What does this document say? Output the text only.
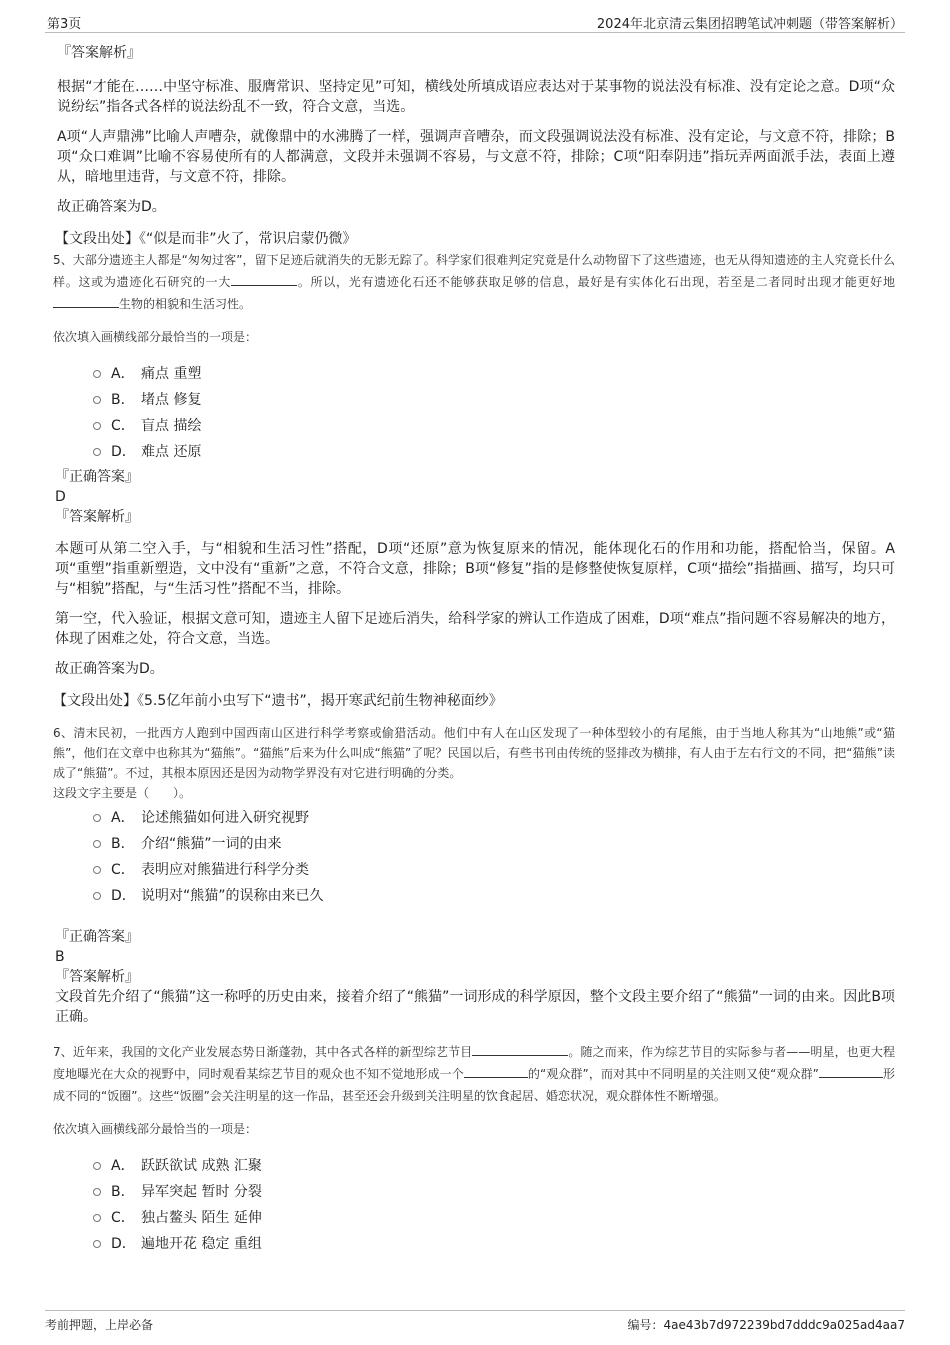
第3页	2024年北京清云集团招聘笔试冲刺题（带答案解析）
『答案解析』
根据“才能在……中坚守标准、服膺常识、坚持定见”可知，横线处所填成语应表达对于某事物的说法没有标准、没有定论之意。D项“众说纷纭”指各式各样的说法纷乱不一致，符合文意，当选。
A项“人声鼎沸”比喻人声嘈杂，就像鼎中的水沸腾了一样，强调声音嘈杂，而文段强调说法没有标准、没有定论，与文意不符，排除；B项“众口难调”比喻不容易使所有的人都满意，文段并未强调不容易，与文意不符，排除；C项“阳奉阴违”指玩弄两面派手法，表面上遵从，暗地里违背，与文意不符，排除。
故正确答案为D。
【文段出处】《“似是而非”火了，常识启蒙仍微》
5、大部分遗迹主人都是“匆匆过客”，留下足迹后就消失的无影无踪了。科学家们很难判定究竟是什么动物留下了这些遗迹，也无从得知遗迹的主人究竟长什么样。这或为遗迹化石研究的一大	。所以，光有遗迹化石还不能够获取足够的信息，最好是有实体化石出现，若至是二者同时出现才能更好地生物的相貌和生活习性。
依次填入画横线部分最恰当的一项是：
A． 痛点 重塑
B． 堵点 修复
C． 盲点 描绘
D． 难点 还原
『正确答案』
D
『答案解析』
本题可从第二空入手，与“相貌和生活习性”搭配，D项“还原”意为恢复原来的情况，能体现化石的作用和功能，搭配恰当，保留。A项“重塑”指重新塑造，文中没有“重新”之意，不符合文意，排除；B项“修复”指的是修整使恢复原样，C项“描绘”指描画、描写，均只可与“相貌”搭配，与“生活习性”搭配不当，排除。
第一空，代入验证，根据文意可知，遗迹主人留下足迹后消失，给科学家的辨认工作造成了困难，D项“难点”指问题不容易解决的地方，体现了困难之处，符合文意，当选。
故正确答案为D。
【文段出处】《5.5亿年前小虫写下“遗书”，揭开寒武纪前生物神秘面纱》
6、清末民初，一批西方人跑到中国西南山区进行科学考察或偷猎活动。他们中有人在山区发现了一种体型较小的有尾熊，由于当地人称其为“山地熊”或“猫熊”，他们在文章中也称其为“猫熊”。“猫熊”后来为什么叫成“熊猫”了呢？民国以后，有些书刊由传统的竖排改为横排，有人由于左右行文的不同，把“猫熊”读成了“熊猫”。不过，其根本原因还是因为动物学界没有对它进行明确的分类。
这段文字主要是（　　）。
A． 论述熊猫如何进入研究视野
B． 介绍“熊猫”一词的由来
C． 表明应对熊猫进行科学分类
D． 说明对“熊猫”的误称由来已久
『正确答案』
B
『答案解析』
文段首先介绍了“熊猫”这一称呼的历史由来，接着介绍了“熊猫”一词形成的科学原因，整个文段主要介绍了“熊猫”一词的由来。因此B项正确。
7、近年来，我国的文化产业发展态势日渐蓬勃，其中各式各样的新型综艺节目	。随之而来，作为综艺节目的实际参与者——明星，也更大程度地曝光在大众的视野中，同时观看某综艺节目的观众也不知不觉地形成一个	的“观众群”，而对其中不同明星的关注则又使“观众群”	形成不同的“饭圈”。这些“饭圈”会关注明星的这一作品，甚至还会升级到关注明星的饮食起居、婚恋状况，观众群体性不断增强。
依次填入画横线部分最恰当的一项是：
A． 跃跃欲试 成熟 汇聚
B． 异军突起 暂时 分裂
C． 独占鳌头 陌生 延伸
D． 遍地开花 稳定 重组
考前押题，上岸必备	编号：4ae43b7d972239bd7dddc9a025ad4aa7
